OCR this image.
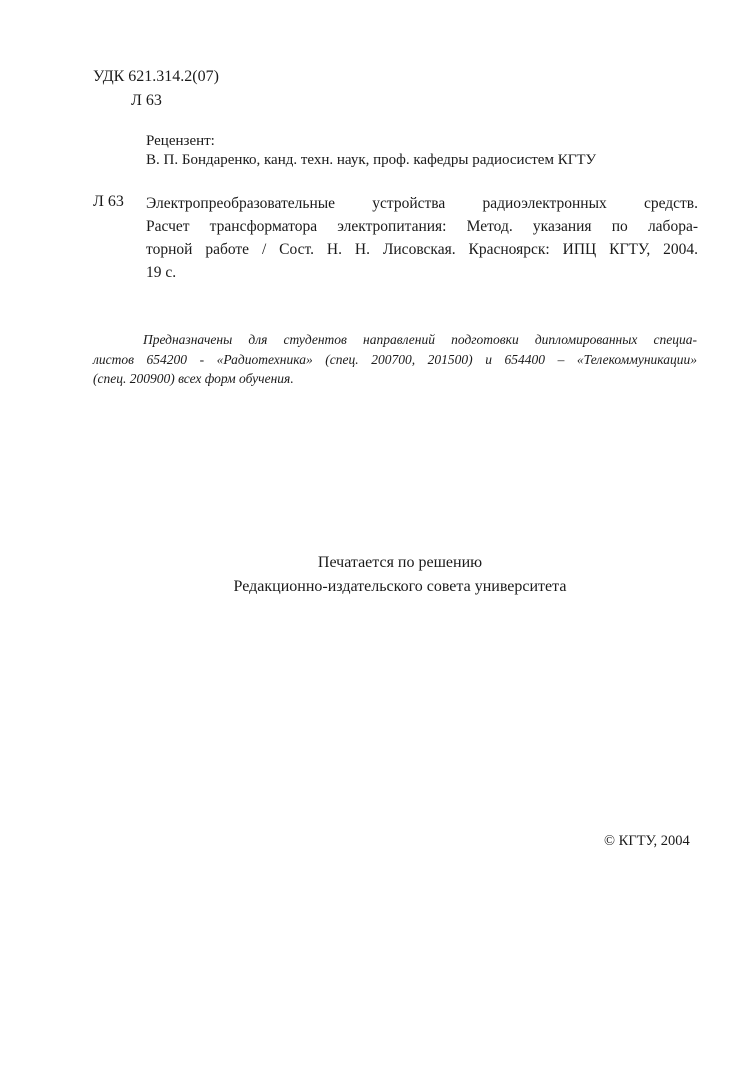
УДК 621.314.2(07)
Л 63
Рецензент:
В. П. Бондаренко, канд. техн. наук, проф. кафедры радиосистем КГТУ
Л 63 Электропреобразовательные устройства радиоэлектронных средств.
Расчет трансформатора электропитания: Метод. указания по лабора-
торной работе / Сост. Н. Н. Лисовская. Красноярск: ИПЦ КГТУ, 2004.
19 с.
Предназначены для студентов направлений подготовки дипломированных специа-
листов 654200 - «Радиотехника» (спец. 200700, 201500) и 654400 – «Телекоммуникации»
(спец. 200900) всех форм обучения.
Печатается по решению
Редакционно-издательского совета университета
© КГТУ, 2004
